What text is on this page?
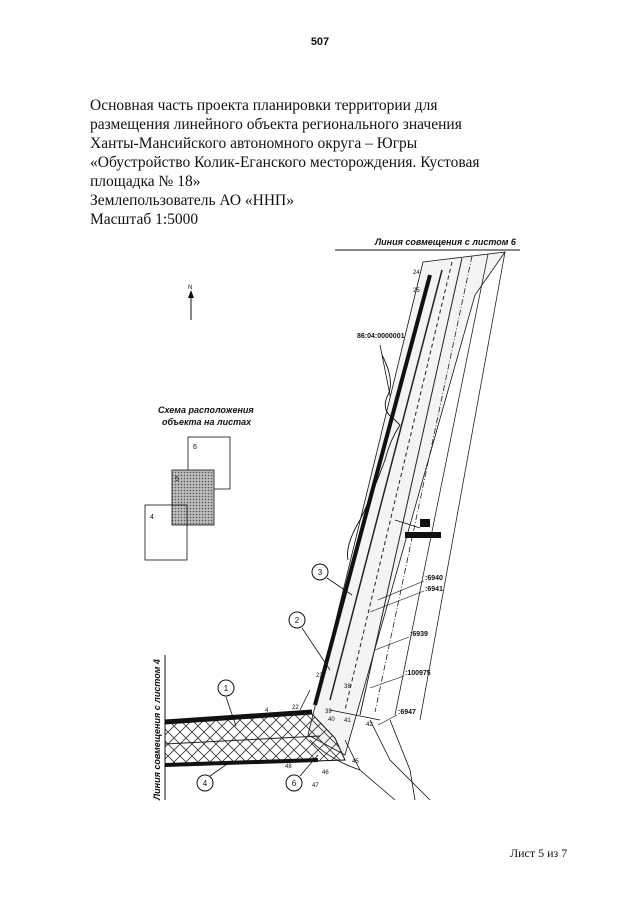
507
Основная часть проекта планировки территории для
размещения линейного объекта регионального значения
Ханты-Мансийского автономного округа – Югры
«Обустройство Колик-Еганского месторождения. Кустовая
площадка № 18»
Землепользователь АО «ННП»
Масштаб 1:5000
Линия совмещения с листом 6
Линия совмещения с листом 4
N
86:04:0000001
Схема расположения
объекта на листах
6
5
4
:6940
:6941
:6939
:100975
:6947
24
25
23
22
4	39
40 41
42
45
46
47
48
38
1
2
3
4	6
Лист 5 из 7
